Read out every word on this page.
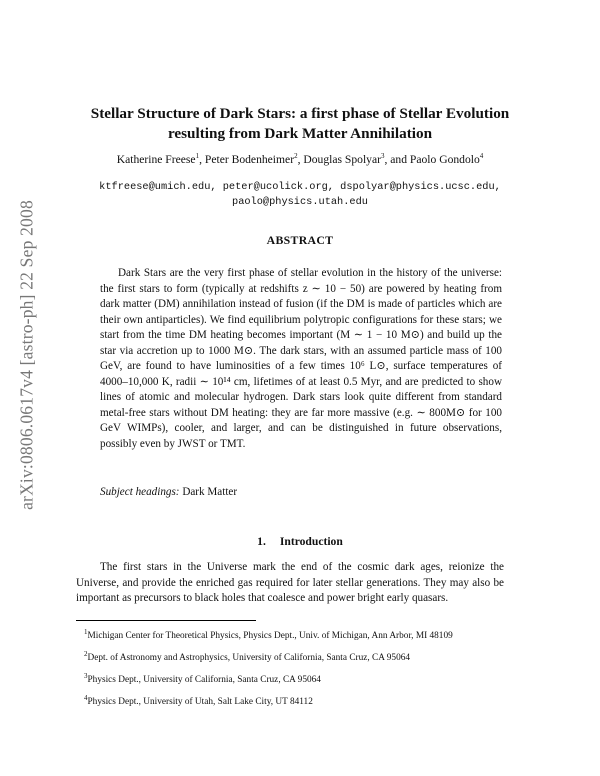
arXiv:0806.0617v4 [astro-ph] 22 Sep 2008
Stellar Structure of Dark Stars: a first phase of Stellar Evolution
resulting from Dark Matter Annihilation
Katherine Freese$^1$, Peter Bodenheimer$^2$, Douglas Spolyar$^3$, and Paolo Gondolo$^4$
ktfreese@umich.edu, peter@ucolick.org, dspolyar@physics.ucsc.edu,
paolo@physics.utah.edu
ABSTRACT

Dark Stars are the very first phase of stellar evolution in the history of the universe: the first stars to form (typically at redshifts z ∼ 10 − 50) are powered by heating from dark matter (DM) annihilation instead of fusion (if the DM is made of particles which are their own antiparticles). We find equilibrium polytropic configurations for these stars; we start from the time DM heating becomes important (M ∼ 1 − 10 M⊙) and build up the star via accretion up to 1000 M⊙. The dark stars, with an assumed particle mass of 100 GeV, are found to have luminosities of a few times 10⁶ L⊙, surface temperatures of 4000–10,000 K, radii ∼ 10¹⁴ cm, lifetimes of at least 0.5 Myr, and are predicted to show lines of atomic and molecular hydrogen. Dark stars look quite different from standard metal-free stars without DM heating: they are far more massive (e.g. ∼ 800M⊙ for 100 GeV WIMPs), cooler, and larger, and can be distinguished in future observations, possibly even by JWST or TMT.

Subject headings: Dark Matter
1. Introduction

The first stars in the Universe mark the end of the cosmic dark ages, reionize the Universe, and provide the enriched gas required for later stellar generations. They may also be important as precursors to black holes that coalesce and power bright early quasars.

$^1$Michigan Center for Theoretical Physics, Physics Dept., Univ. of Michigan, Ann Arbor, MI 48109

$^2$Dept. of Astronomy and Astrophysics, University of California, Santa Cruz, CA 95064

$^3$Physics Dept., University of California, Santa Cruz, CA 95064

$^4$Physics Dept., University of Utah, Salt Lake City, UT 84112
